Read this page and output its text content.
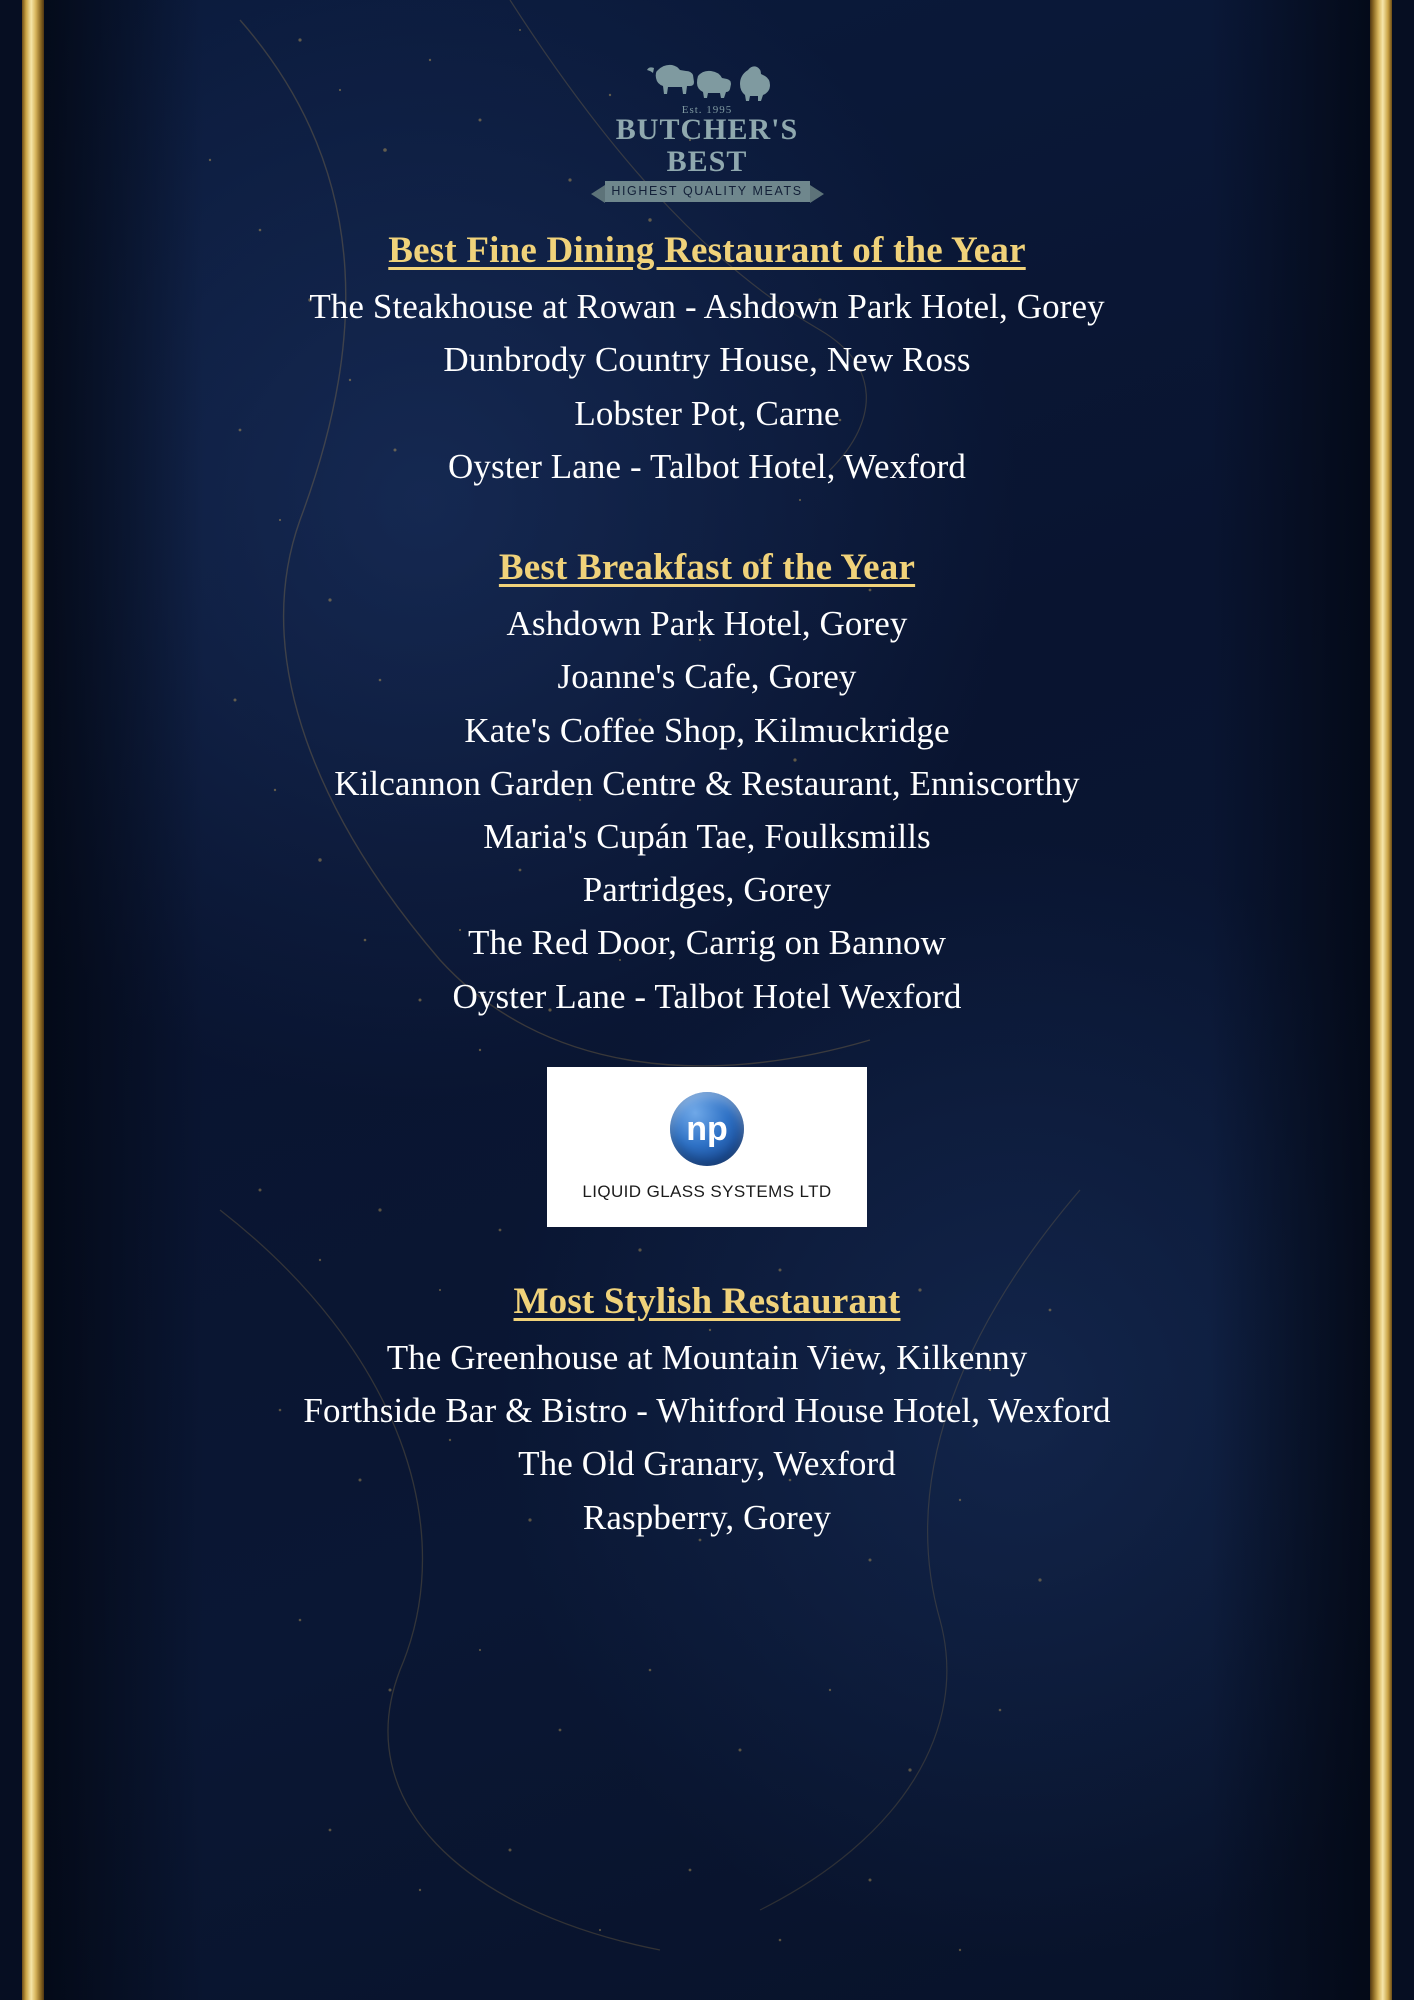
Est. 1995
BUTCHER'S BEST
HIGHEST QUALITY MEATS
Best Fine Dining Restaurant of the Year
The Steakhouse at Rowan - Ashdown Park Hotel, Gorey
Dunbrody Country House, New Ross
Lobster Pot, Carne
Oyster Lane - Talbot Hotel, Wexford
Best Breakfast of the Year
Ashdown Park Hotel, Gorey
Joanne's Cafe, Gorey
Kate's Coffee Shop, Kilmuckridge
Kilcannon Garden Centre & Restaurant, Enniscorthy
Maria's Cupán Tae, Foulksmills
Partridges, Gorey
The Red Door, Carrig on Bannow
Oyster Lane - Talbot Hotel Wexford
np
LIQUID GLASS SYSTEMS LTD
Most Stylish Restaurant
The Greenhouse at Mountain View, Kilkenny
Forthside Bar & Bistro - Whitford House Hotel, Wexford
The Old Granary, Wexford
Raspberry, Gorey
